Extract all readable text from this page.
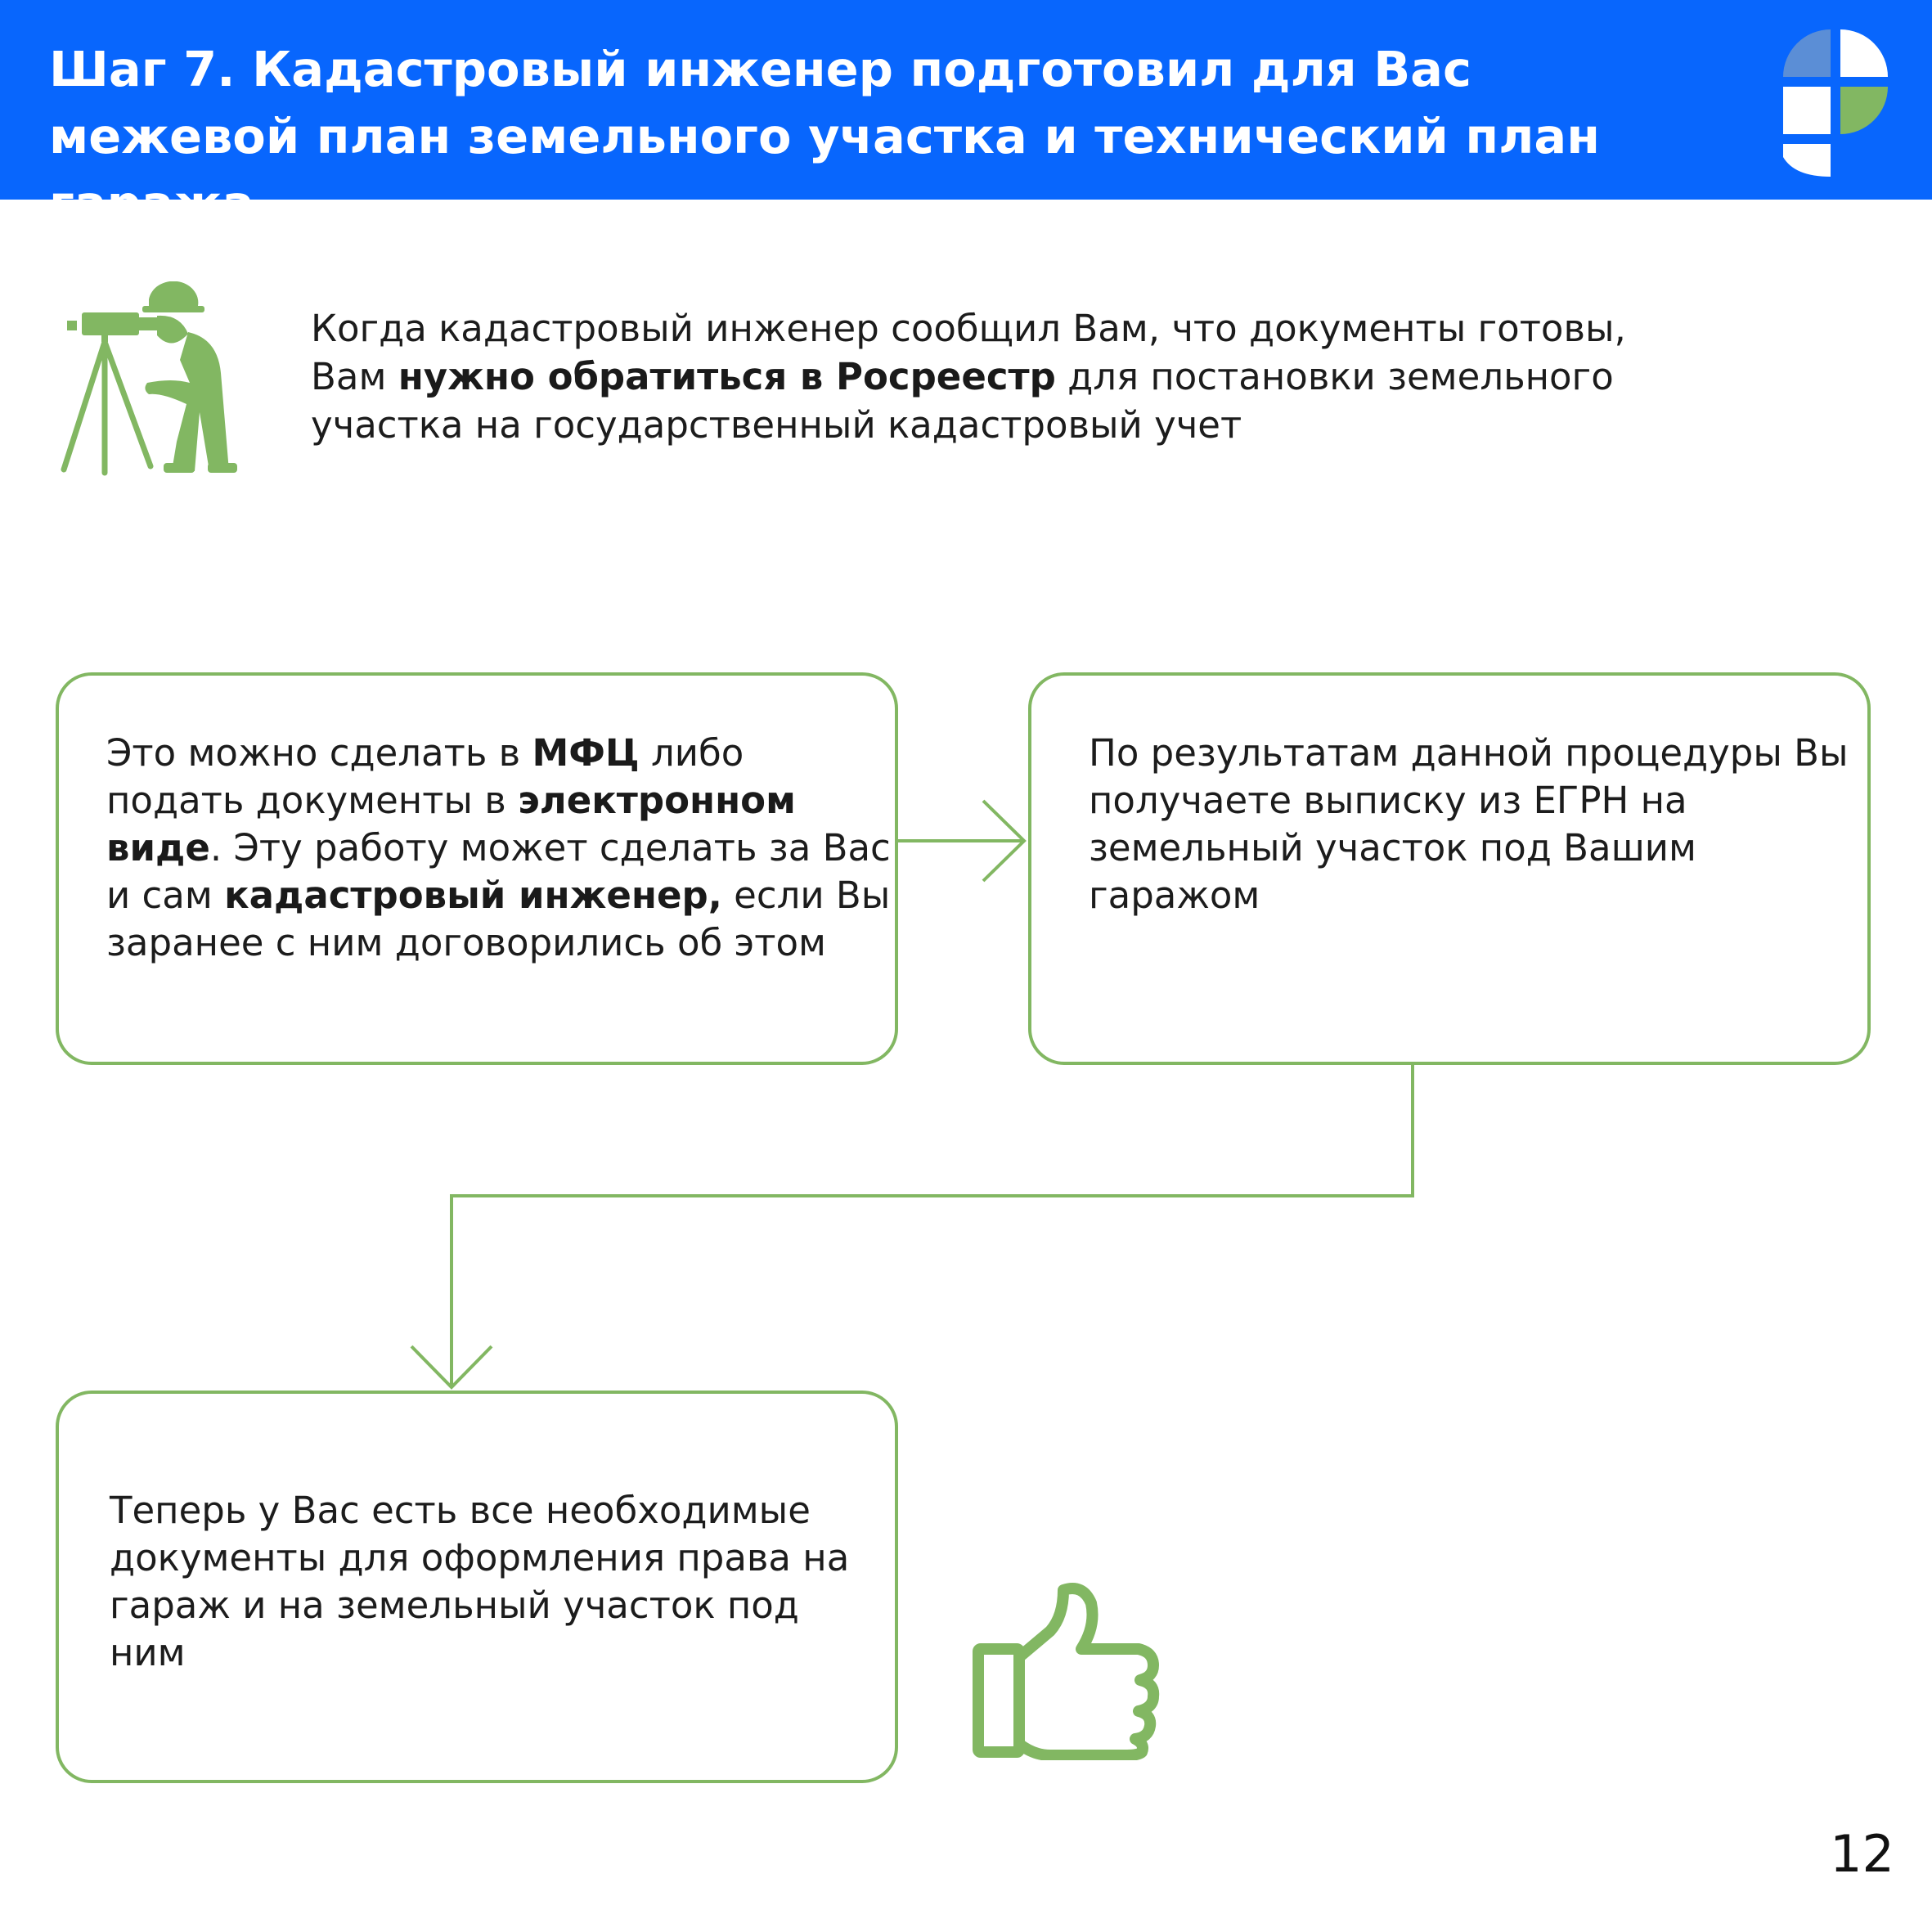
Шаг 7. Кадастровый инженер подготовил для Вас межевой план земельного участка и технический план гаража
Когда кадастровый инженер сообщил Вам, что документы готовы, Вам нужно обратиться в Росреестр для постановки земельного участка на государственный кадастровый учет
Это можно сделать в МФЦ либо подать документы в электронном виде. Эту работу может сделать за Вас и сам кадастровый инженер, если Вы заранее с ним договорились об этом
По результатам данной процедуры Вы получаете выписку из ЕГРН на земельный участок под Вашим гаражом
Теперь у Вас есть все необходимые документы для оформления права на гараж и на земельный участок под ним
12
